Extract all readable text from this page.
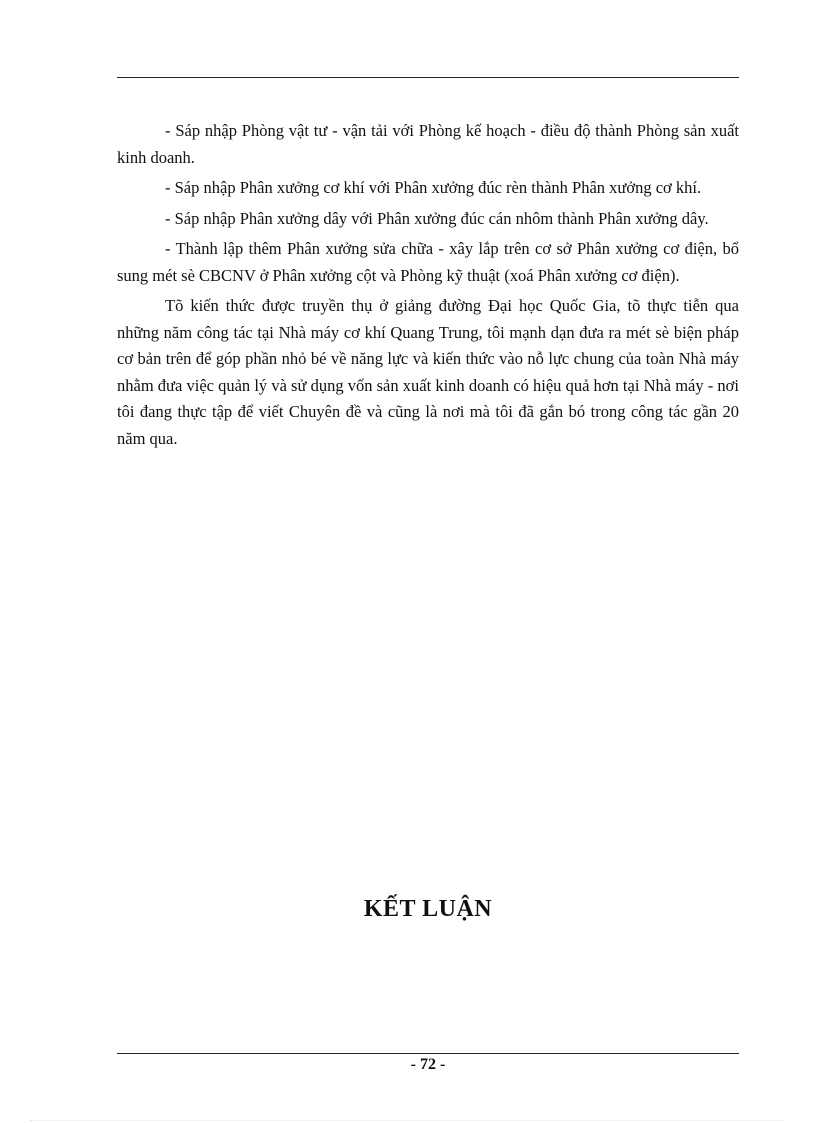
- Sáp nhập Phòng vật tư - vận tải với Phòng kế hoạch - điều độ thành Phòng sản xuất kinh doanh.

- Sáp nhập Phân xưởng cơ khí với Phân xưởng đúc rèn thành Phân xưởng cơ khí.

- Sáp nhập Phân xưởng dây với Phân xưởng đúc cán nhôm thành Phân xưởng dây.

- Thành lập thêm Phân xưởng sửa chữa - xây lắp trên cơ sở Phân xưởng cơ điện, bổ sung mét sè CBCNV ở Phân xưởng cột và Phòng kỹ thuật (xoá Phân xưởng cơ điện).

Tõ kiến thức được truyền thụ ở giảng đường Đại học Quốc Gia, tõ thực tiễn qua những năm công tác tại Nhà máy cơ khí Quang Trung, tôi mạnh dạn đưa ra mét sè biện pháp cơ bản trên để góp phần nhỏ bé về năng lực và kiến thức vào nỗ lực chung của toàn Nhà máy nhằm đưa việc quản lý và sử dụng vốn sản xuất kinh doanh có hiệu quả hơn tại Nhà máy - nơi tôi đang thực tập để viết Chuyên đề và cũng là nơi mà tôi đã gắn bó trong công tác gần 20 năm qua.

KẾT LUẬN
- 72 -
